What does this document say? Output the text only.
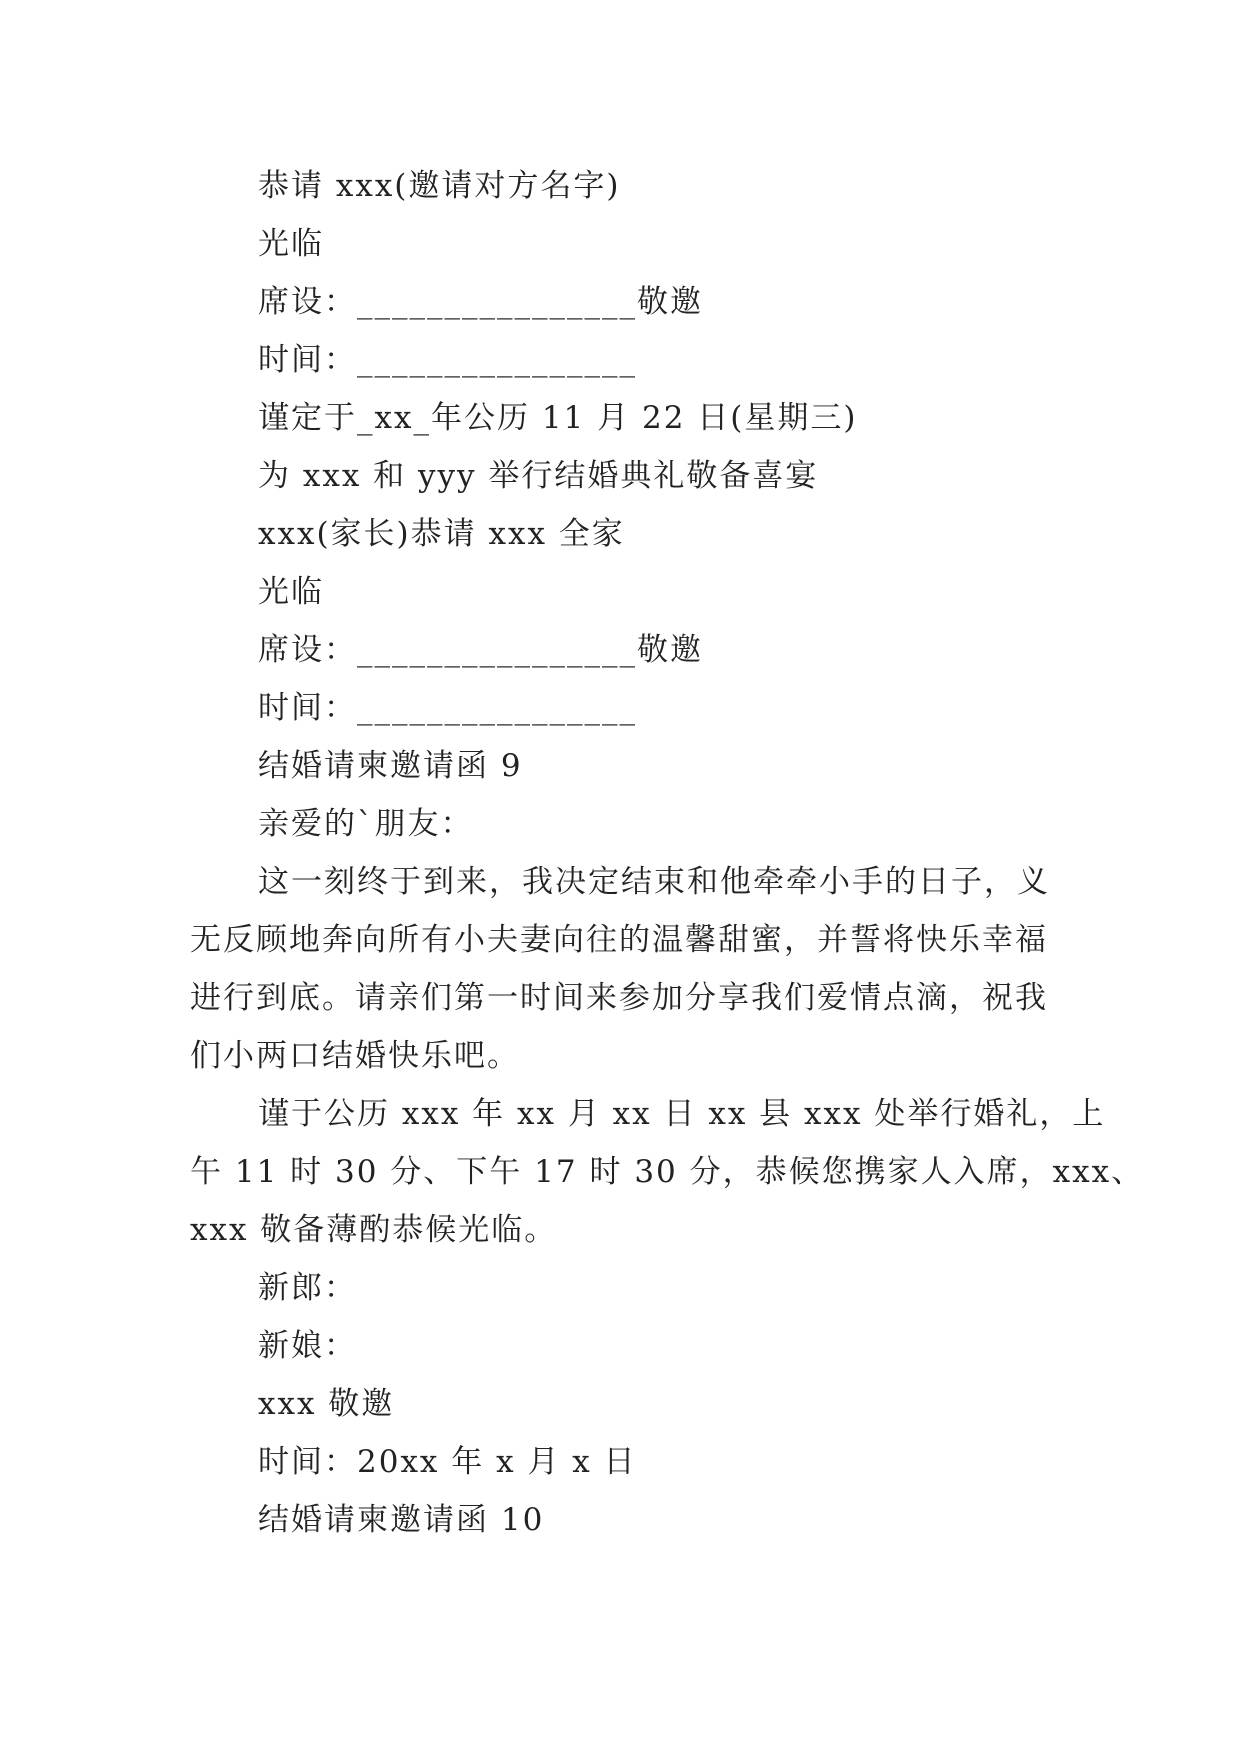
恭请 xxx(邀请对方名字)
光临
席设：________________敬邀
时间：________________
谨定于_xx_年公历 11 月 22 日(星期三)
为 xxx 和 yyy 举行结婚典礼敬备喜宴
xxx(家长)恭请 xxx 全家
光临
席设：________________敬邀
时间：________________
结婚请柬邀请函 9
亲爱的`朋友：
这一刻终于到来，我决定结束和他牵牵小手的日子，义
无反顾地奔向所有小夫妻向往的温馨甜蜜，并誓将快乐幸福
进行到底。请亲们第一时间来参加分享我们爱情点滴，祝我
们小两口结婚快乐吧。
谨于公历 xxx 年 xx 月 xx 日 xx 县 xxx 处举行婚礼，上
午 11 时 30 分、下午 17 时 30 分，恭候您携家人入席，xxx、
xxx 敬备薄酌恭候光临。
新郎：
新娘：
xxx 敬邀
时间：20xx 年 x 月 x 日
结婚请柬邀请函 10
